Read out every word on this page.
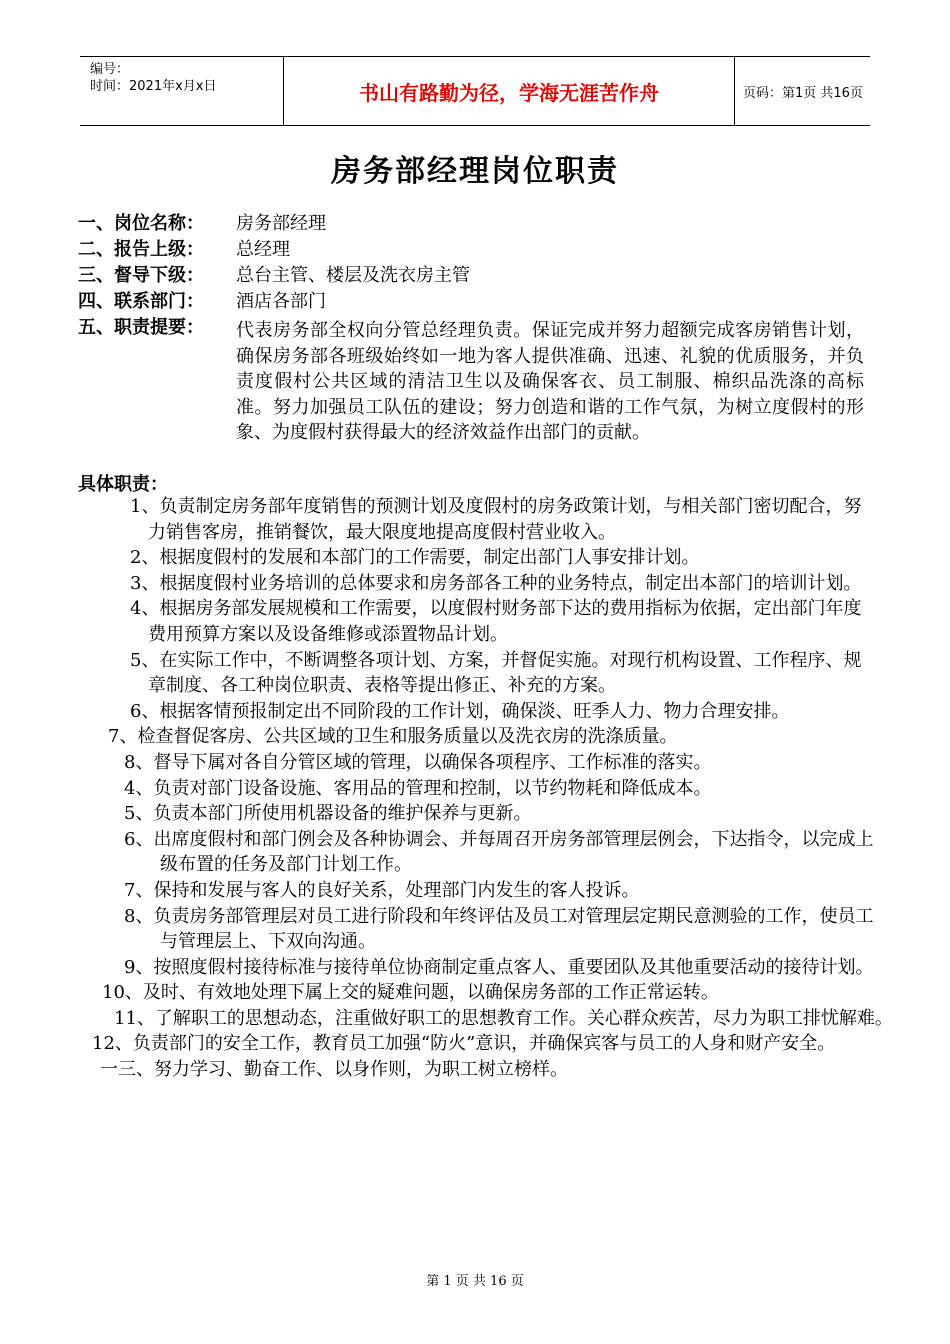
编号：
时间：2021年x月x日	书山有路勤为径，学海无涯苦作舟	页码：第1页 共16页
房务部经理岗位职责
一、岗位名称： 房务部经理
二、报告上级： 总经理
三、督导下级： 总台主管、楼层及洗衣房主管
四、联系部门： 酒店各部门
五、职责提要：	代表房务部全权向分管总经理负责。保证完成并努力超额完成客房销售计划，确保房务部各班级始终如一地为客人提供准确、迅速、礼貌的优质服务，并负责度假村公共区域的清洁卫生以及确保客衣、员工制服、棉织品洗涤的高标准。努力加强员工队伍的建设；努力创造和谐的工作气氛，为树立度假村的形象、为度假村获得最大的经济效益作出部门的贡献。
具体职责：
1、负责制定房务部年度销售的预测计划及度假村的房务政策计划，与相关部门密切配合，努力销售客房，推销餐饮，最大限度地提高度假村营业收入。
2、根据度假村的发展和本部门的工作需要，制定出部门人事安排计划。
3、根据度假村业务培训的总体要求和房务部各工种的业务特点，制定出本部门的培训计划。
4、根据房务部发展规模和工作需要，以度假村财务部下达的费用指标为依据，定出部门年度费用预算方案以及设备维修或添置物品计划。
5、在实际工作中，不断调整各项计划、方案，并督促实施。对现行机构设置、工作程序、规章制度、各工种岗位职责、表格等提出修正、补充的方案。
6、根据客情预报制定出不同阶段的工作计划，确保淡、旺季人力、物力合理安排。
7、检查督促客房、公共区域的卫生和服务质量以及洗衣房的洗涤质量。
8、督导下属对各自分管区域的管理，以确保各项程序、工作标准的落实。
4、负责对部门设备设施、客用品的管理和控制，以节约物耗和降低成本。
5、负责本部门所使用机器设备的维护保养与更新。
6、出席度假村和部门例会及各种协调会、并每周召开房务部管理层例会，下达指令，以完成上级布置的任务及部门计划工作。
7、保持和发展与客人的良好关系，处理部门内发生的客人投诉。
8、负责房务部管理层对员工进行阶段和年终评估及员工对管理层定期民意测验的工作，使员工与管理层上、下双向沟通。
9、按照度假村接待标准与接待单位协商制定重点客人、重要团队及其他重要活动的接待计划。
10、及时、有效地处理下属上交的疑难问题，以确保房务部的工作正常运转。
11、了解职工的思想动态，注重做好职工的思想教育工作。关心群众疾苦，尽力为职工排忧解难。
12、负责部门的安全工作，教育员工加强“防火”意识，并确保宾客与员工的人身和财产安全。
一三、努力学习、勤奋工作、以身作则，为职工树立榜样。
第 1 页 共 16 页
